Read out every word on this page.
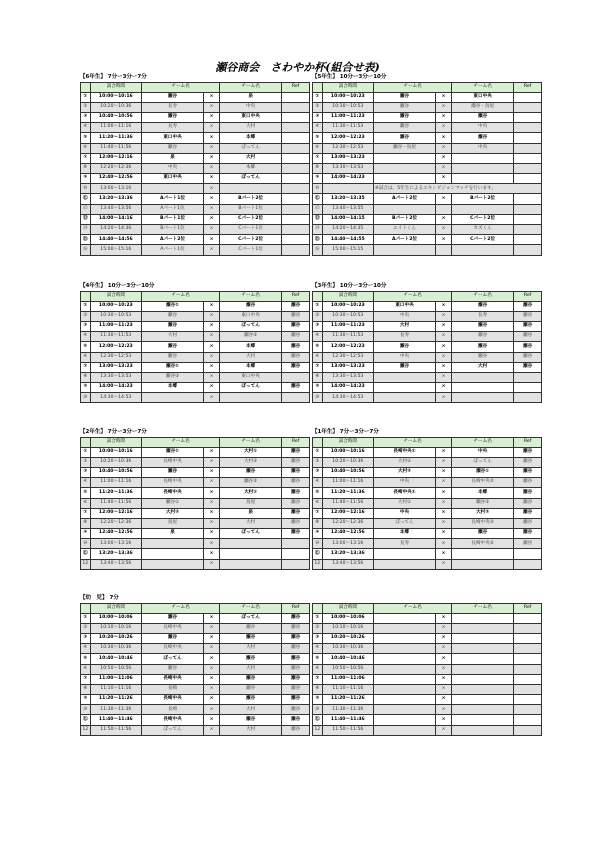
瀬谷商会　さわやか杯(組合せ表)
【6年生】 7分ー3分ー7分
	試合時間	チーム名		チーム名	Ref
①	10:00～10:16	瀬谷	×	泉	
②	10:20～10:36	長寿	×	中央	
③	10:40～10:56	瀬谷	×	東口中央	
④	11:00～11:16	長寿	×	大村	
⑤	11:20～11:36	東口中央	×	本郷	
⑥	11:40～11:56	瀬谷	×	ぽってん	
⑦	12:00～12:16	泉	×	大村	
⑧	12:20～12:36	中央	×	本郷	
⑨	12:40～12:56	東口中央	×	ぽってん	
⑩	13:00～13:16		×		
⑪	13:20～13:36	Aパート1位	×	Bパート2位	
⑫	13:40～13:56	Aパート1位	×	Bパート1位	
⑬	14:00～14:16	Bパート1位	×	Cパート2位	
⑭	14:20～14:36	Bパート1位	×	Cパート1位	
⑮	14:40～14:56	Aパート2位	×	Cパート2位	
⑯	15:00～15:16	Aパート1位	×	Cパート1位	
【5年生】 10分ー3分ー10分
	試合時間	チーム名		チーム名	Ref
①	10:00～10:23	瀬谷	×	東口中央	
②	10:30～10:53	瀬谷	×	瀬谷・鳥屋	
③	11:00～11:23	瀬谷	×	瀬谷	
④	11:30～11:53	瀬谷	×	中央	
⑤	12:00～12:23	瀬谷	×	瀬谷	
⑥	12:30～12:53	瀬谷・鳥屋	×	中央	
⑦	13:00～13:23		×		
⑧	13:30～13:53		×		
⑨	14:00～14:23		×		
⑩		※試合は、5年生によるエキシビジョンマッチを行います。			
⑪	13:20～13:35	Aパート2位	×	Bパート2位	
⑫	13:40～13:55				
⑬	14:00～14:15	Bパート2位	×	Cパート2位	
⑭	14:20～14:35	エイトくん	×	カズくん	
⑮	14:40～14:55	Aパート2位	×	Cパート2位	
⑯	15:00～15:15				
【4年生】 10分ー3分ー10分
	試合時間	チーム名		チーム名	Ref
①	10:00～10:23	瀬谷①	×	瀬谷	瀬谷
②	10:30～10:53	瀬谷	×	東口中央	瀬谷
③	11:00～11:23	瀬谷	×	ぽってん	瀬谷
④	11:30～11:53	大村	×	瀬谷②	瀬谷
⑤	12:00～12:23	瀬谷	×	本郷	瀬谷
⑥	12:30～12:53	瀬谷	×	大村	瀬谷
⑦	13:00～13:23	瀬谷①	×	本郷	瀬谷
⑧	13:30～13:53	瀬谷②	×	東口中央	
⑨	14:00～14:23	本郷	×	ぽってん	瀬谷
⑩	14:30～14:53		×		
【3年生】 10分ー3分ー10分
	試合時間	チーム名		チーム名	Ref
①	10:00～10:23	東口中央	×	瀬谷	瀬谷
②	10:30～10:53	中央	×	長寿	瀬谷
③	11:00～11:23	大村	×	瀬谷	瀬谷
④	11:30～11:53	長寿	×	瀬谷	瀬谷
⑤	12:00～12:23	瀬谷	×	瀬谷	瀬谷
⑥	12:30～12:53	中央	×	瀬谷	瀬谷
⑦	13:00～13:23	瀬谷	×	大村	瀬谷
⑧	13:30～13:53		×		
⑨	14:00～14:23		×		
⑩	14:30～14:53		×		
【2年生】 7分ー3分ー7分
	試合時間	チーム名		チーム名	Ref
①	10:00～10:16	瀬谷①	×	大村①	瀬谷
②	10:20～10:36	長崎中央	×	大村②	瀬谷
③	10:40～10:56	瀬谷	×	瀬谷	瀬谷
④	11:00～11:16	長崎中央	×	瀬谷②	瀬谷
⑤	11:20～11:36	長崎中央	×	大村①	瀬谷
⑥	11:40～11:56	瀬谷①	×	鳥屋	瀬谷
⑦	12:00～12:16	大村②	×	泉	瀬谷
⑧	12:20～12:36	鳥屋	×	大村	瀬谷
⑨	12:40～12:56	泉	×	ぽってん	瀬谷
⑩	13:00～13:16		×		
⑪	13:20～13:36		×		
12	13:40～13:56		×		
【1年生】 7分ー3分ー7分
	試合時間	チーム名		チーム名	Ref
①	10:00～10:16	長崎中央①	×	中央	瀬谷
②	10:20～10:36	大村①	×	ぽってん	瀬谷
③	10:40～10:56	大村②	×	瀬谷①	瀬谷
④	11:00～11:16	中央	×	長崎中央②	瀬谷
⑤	11:20～11:36	長崎中央①	×	本郷	瀬谷
⑥	11:40～11:56	大村①	×	瀬谷②	瀬谷
⑦	12:00～12:16	中央	×	大村②	瀬谷
⑧	12:20～12:36	ぽってん	×	長崎中央②	瀬谷
⑨	12:40～12:56	本郷	×	瀬谷	瀬谷
⑩	13:00～13:16	長寿	×	長崎中央②	瀬谷
⑪	13:20～13:36		×		
12	13:40～13:56		×		
【幼　児】 7分
	試合時間	チーム名		チーム名	Ref
①	10:00～10:06	瀬谷	×	ぽってん	瀬谷
②	10:10～10:16	長崎中央	×	瀬谷	瀬谷
③	10:20～10:26	瀬谷	×	瀬谷	瀬谷
④	10:30～10:36	長崎中央	×	大村	瀬谷
⑤	10:40～10:46	ぽってん	×	瀬谷	瀬谷
⑥	10:50～10:56	瀬谷	×	大村	瀬谷
⑦	11:00～11:06	長崎中央	×	瀬谷	瀬谷
⑧	11:10～11:16	長崎	×	瀬谷	瀬谷
⑨	11:20～11:26	長崎中央	×	瀬谷	瀬谷
⑩	11:30～11:36	長崎	×	大村	瀬谷
⑪	11:40～11:46	長崎中央	×	瀬谷	瀬谷
12	11:50～11:56	ぽってん	×	大村	瀬谷
	試合時間	チーム名		チーム名	Ref
①	10:00～10:06		×		
②	10:10～10:16		×		
③	10:20～10:26		×		
④	10:30～10:36		×		
⑤	10:40～10:46		×		
⑥	10:50～10:56		×		
⑦	11:00～11:06		×		
⑧	11:10～11:16		×		
⑨	11:20～11:26		×		
⑩	11:30～11:36		×		
⑪	11:40～11:46		×		
12	11:50～11:56		×		
